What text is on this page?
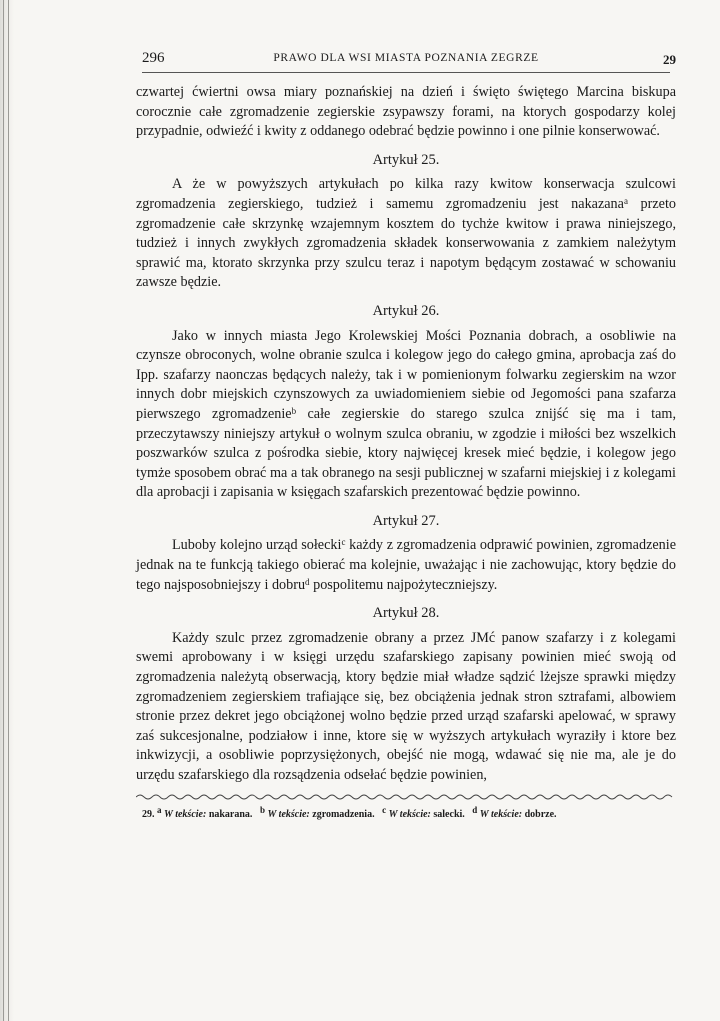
296	PRAWO DLA WSI MIASTA POZNANIA ZEGRZE	29

czwartej ćwiertni owsa miary poznańskiej na dzień i święto świętego Marcina biskupa corocznie całe zgromadzenie zegierskie zsypawszy forami, na ktorych gospodarzy kolej przypadnie, odwieźć i kwity z oddanego odebrać będzie powinno i one pilnie konserwować.

Artykuł 25.

A że w powyższych artykułach po kilka razy kwitow konserwacja szulcowi zgromadzenia zegierskiego, tudzież i samemu zgromadzeniu jest nakazana$^a$ przeto zgromadzenie całe skrzynkę wzajemnym kosztem do tychże kwitow i prawa niniejszego, tudzież i innych zwykłych zgromadzenia składek konserwowania z zamkiem należytym sprawić ma, ktorato skrzynka przy szulcu teraz i napotym będącym zostawać w schowaniu zawsze będzie.

Artykuł 26.

Jako w innych miasta Jego Krolewskiej Mości Poznania dobrach, a osobliwie na czynsze obroconych, wolne obranie szulca i kolegow jego do całego gmina, aprobacja zaś do Ipp. szafarzy naonczas będących należy, tak i w pomienionym folwarku zegierskim na wzor innych dobr miejskich czynszowych za uwiadomieniem siebie od Jegomości pana szafarza pierwszego zgromadzenie$^b$ całe zegierskie do starego szulca znijść się ma i tam, przeczytawszy niniejszy artykuł o wolnym szulca obraniu, w zgodzie i miłości bez wszelkich poszwarków szulca z pośrodka siebie, ktory najwięcej kresek mieć będzie, i kolegow jego tymże sposobem obrać ma a tak obranego na sesji publicznej w szafarni miejskiej i z kolegami dla aprobacji i zapisania w księgach szafarskich prezentować będzie powinno.

Artykuł 27.

Luboby kolejno urząd sołecki$^c$ każdy z zgromadzenia odprawić powinien, zgromadzenie jednak na te funkcją takiego obierać ma kolejnie, uważając i nie zachowując, ktory będzie do tego najsposobniejszy i dobru$^d$ pospolitemu najpożyteczniejszy.

Artykuł 28.

Każdy szulc przez zgromadzenie obrany a przez JMć panow szafarzy i z kolegami swemi aprobowany i w księgi urzędu szafarskiego zapisany powinien mieć swoją od zgromadzenia należytą obserwacją, ktory będzie miał władze sądzić lżejsze sprawki między zgromadzeniem zegierskiem trafiające się, bez obciążenia jednak stron sztrafami, albowiem stronie przez dekret jego obciążonej wolno będzie przed urząd szafarski apelować, w sprawy zaś sukcesjonalne, podziałow i inne, ktore się w wyższych artykułach wyraziły i ktore bez inkwizycji, a osobliwie poprzysiężonych, obejść nie mogą, wdawać się nie ma, ale je do urzędu szafarskiego dla rozsądzenia odsełać będzie powinien,

29. $^a$ W tekście: nakarana. $^b$ W tekście: zgromadzenia. $^c$ W tekście: salecki. $^d$ W tekście: dobrze.
